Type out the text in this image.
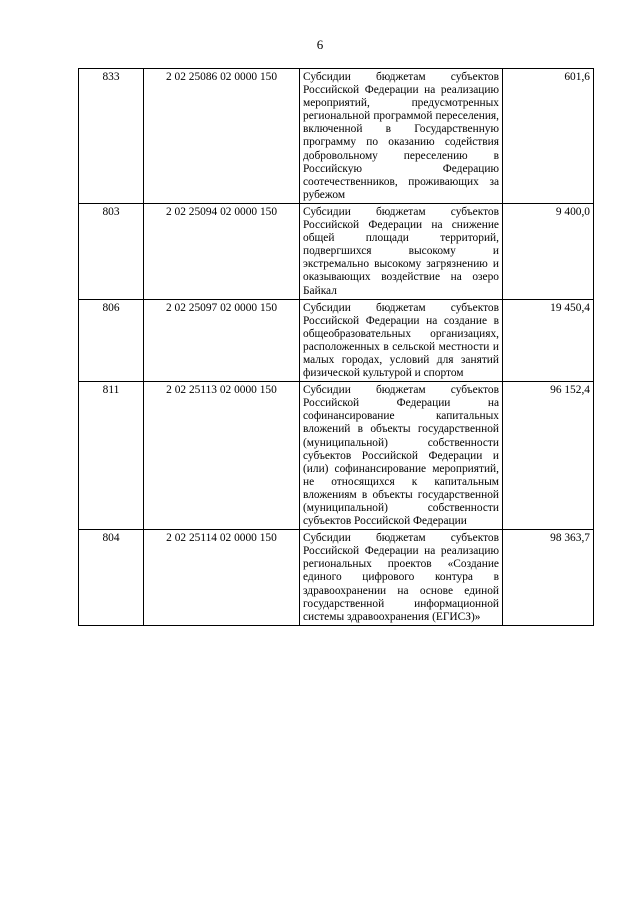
6
833	2 02 25086 02 0000 150	Субсидии бюджетам субъектов Российской Федерации на реализацию мероприятий, предусмотренных региональной программой переселения, включенной в Государственную программу по оказанию содействия добровольному переселению в Российскую Федерацию соотечественников, проживающих за рубежом	601,6
803	2 02 25094 02 0000 150	Субсидии бюджетам субъектов Российской Федерации на снижение общей площади территорий, подвергшихся высокому и экстремально высокому загрязнению и оказывающих воздействие на озеро Байкал	9 400,0
806	2 02 25097 02 0000 150	Субсидии бюджетам субъектов Российской Федерации на создание в общеобразовательных организациях, расположенных в сельской местности и малых городах, условий для занятий физической культурой и спортом	19 450,4
811	2 02 25113 02 0000 150	Субсидии бюджетам субъектов Российской Федерации на софинансирование капитальных вложений в объекты государственной (муниципальной) собственности субъектов Российской Федерации и (или) софинансирование мероприятий, не относящихся к капитальным вложениям в объекты государственной (муниципальной) собственности субъектов Российской Федерации	96 152,4
804	2 02 25114 02 0000 150	Субсидии бюджетам субъектов Российской Федерации на реализацию региональных проектов «Создание единого цифрового контура в здравоохранении на основе единой государственной информационной системы здравоохранения (ЕГИСЗ)»	98 363,7
